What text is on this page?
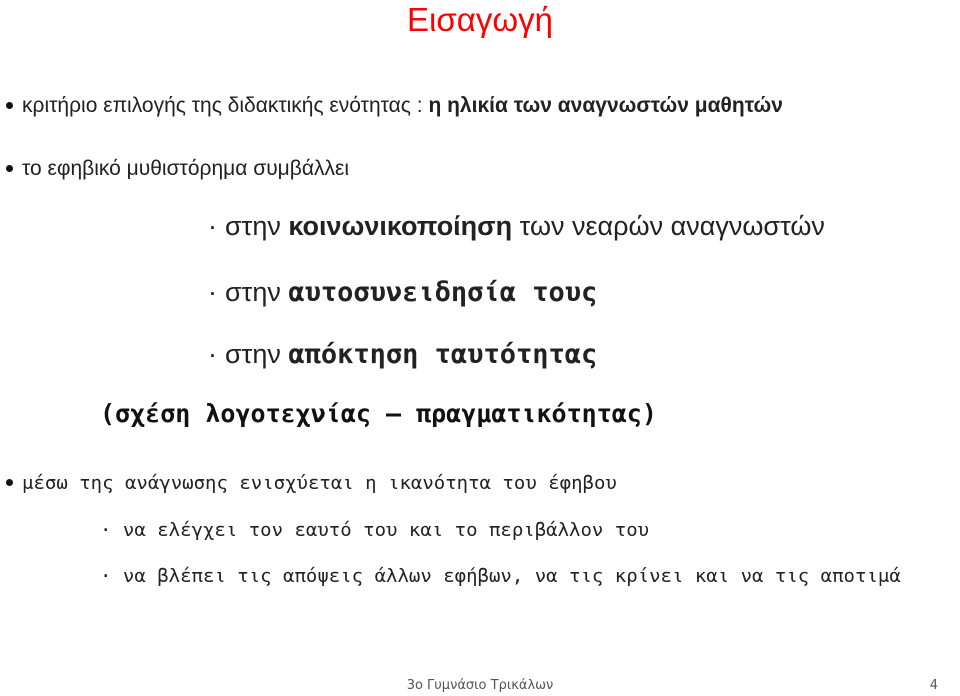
Εισαγωγή
κριτήριο επιλογής της διδακτικής ενότητας : η ηλικία των αναγνωστών μαθητών
το εφηβικό μυθιστόρημα συμβάλλει
· στην κοινωνικοποίηση των νεαρών αναγνωστών
· στην αυτοσυνειδησία τους
· στην απόκτηση ταυτότητας
(σχέση λογοτεχνίας – πραγματικότητας)
μέσω της ανάγνωσης ενισχύεται η ικανότητα του έφηβου
· να ελέγχει τον εαυτό του και το περιβάλλον του
· να βλέπει τις απόψεις άλλων εφήβων, να τις κρίνει και να τις αποτιμά
3ο Γυμνάσιο Τρικάλων	4
